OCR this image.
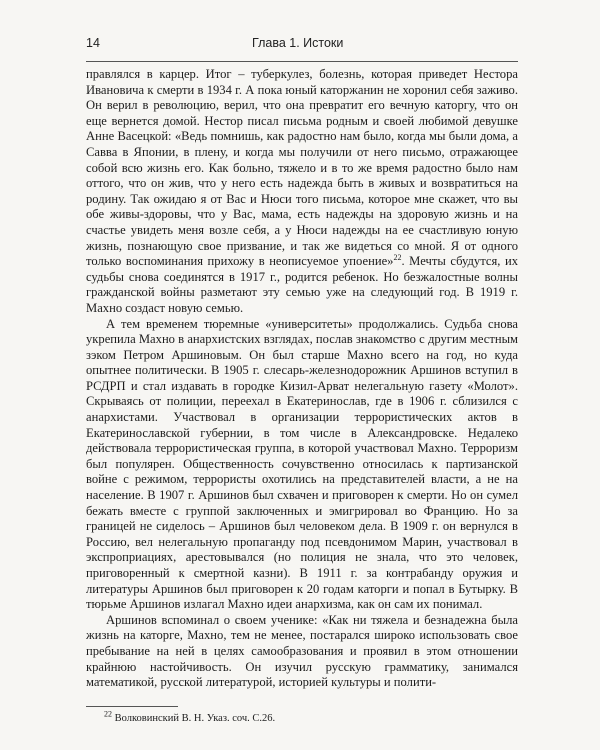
14	Глава 1. Истоки

правлялся в карцер. Итог – туберкулез, болезнь, которая приведет Нестора Ивановича к смерти в 1934 г. А пока юный каторжанин не хоронил себя заживо. Он верил в революцию, верил, что она превратит его вечную каторгу, что он еще вернется домой. Нестор писал письма родным и своей любимой девушке Анне Васецкой: «Ведь помнишь, как радостно нам было, когда мы были дома, а Савва в Японии, в плену, и когда мы получили от него письмо, отражающее собой всю жизнь его. Как больно, тяжело и в то же время радостно было нам оттого, что он жив, что у него есть надежда быть в живых и возвратиться на родину. Так ожидаю я от Вас и Нюси того письма, которое мне скажет, что вы обе живы-здоровы, что у Вас, мама, есть надежды на здоровую жизнь и на счастье увидеть меня возле себя, а у Нюси надежды на ее счастливую юную жизнь, познающую свое призвание, и так же видеться со мной. Я от одного только воспоминания прихожу в неописуемое упоение»$^{22}$. Мечты сбудутся, их судьбы снова соединятся в 1917 г., родится ребенок. Но безжалостные волны гражданской войны разметают эту семью уже на следующий год. В 1919 г. Махно создаст новую семью.

А тем временем тюремные «университеты» продолжались. Судьба снова укрепила Махно в анархистских взглядах, послав знакомство с другим местным зэком Петром Аршиновым. Он был старше Махно всего на год, но куда опытнее политически. В 1905 г. слесарь-железнодорожник Аршинов вступил в РСДРП и стал издавать в городке Кизил-Арват нелегальную газету «Молот». Скрываясь от полиции, переехал в Екатеринослав, где в 1906 г. сблизился с анархистами. Участвовал в организации террористических актов в Екатеринославской губернии, в том числе в Александровске. Недалеко действовала террористическая группа, в которой участвовал Махно. Терроризм был популярен. Общественность сочувственно относилась к партизанской войне с режимом, террористы охотились на представителей власти, а не на население. В 1907 г. Аршинов был схвачен и приговорен к смерти. Но он сумел бежать вместе с группой заключенных и эмигрировал во Францию. Но за границей не сиделось – Аршинов был человеком дела. В 1909 г. он вернулся в Россию, вел нелегальную пропаганду под псевдонимом Марин, участвовал в экспроприациях, арестовывался (но полиция не знала, что это человек, приговоренный к смертной казни). В 1911 г. за контрабанду оружия и литературы Аршинов был приговорен к 20 годам каторги и попал в Бутырку. В тюрьме Аршинов излагал Махно идеи анархизма, как он сам их понимал.

Аршинов вспоминал о своем ученике: «Как ни тяжела и безнадежна была жизнь на каторге, Махно, тем не менее, постарался широко использовать свое пребывание на ней в целях самообразования и проявил в этом отношении крайнюю настойчивость. Он изучил русскую грамматику, занимался математикой, русской литературой, историей культуры и полити-

$^{22}$ Волковинский В. Н. Указ. соч. С.26.
